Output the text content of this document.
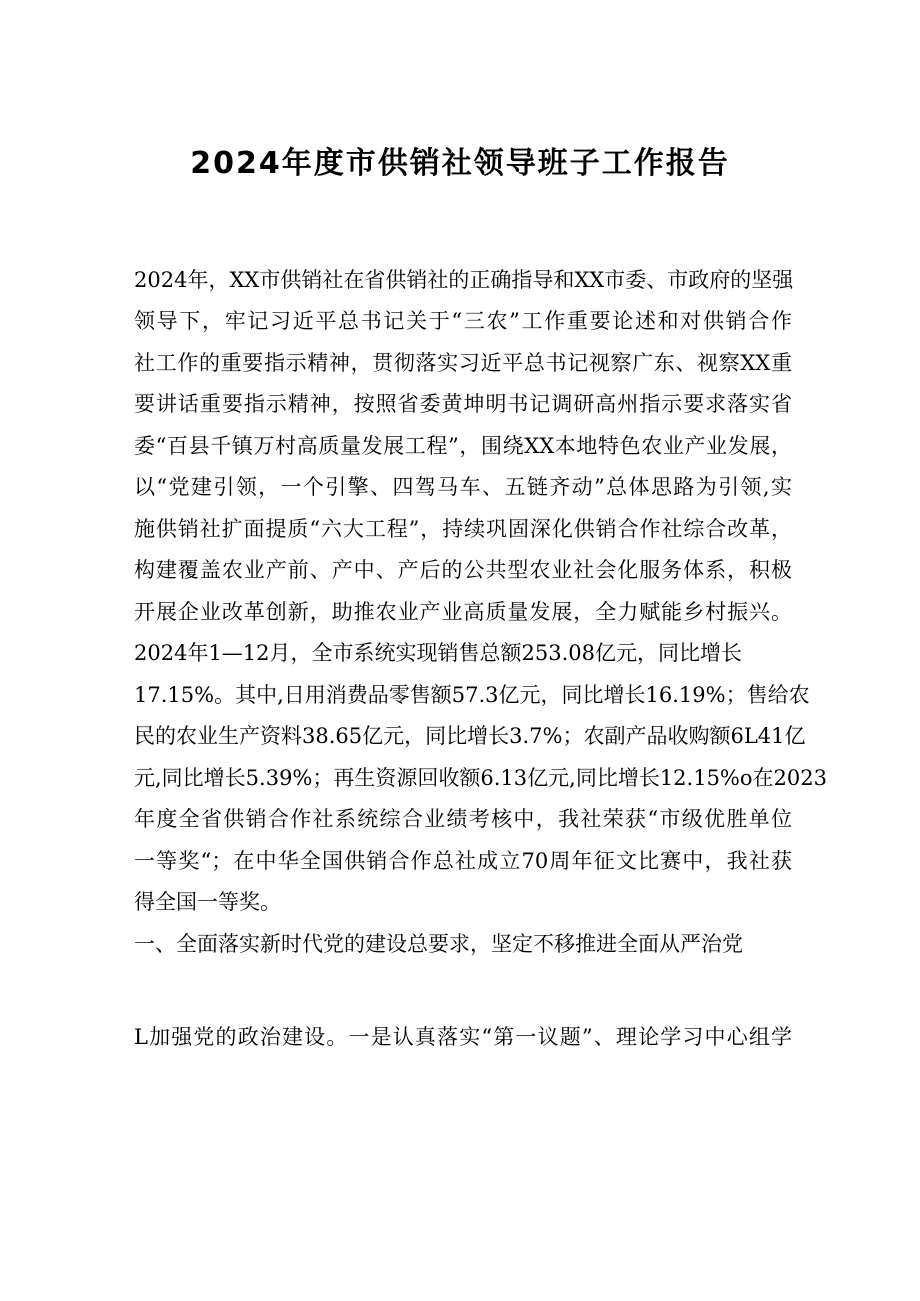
2024年度市供销社领导班子工作报告
2024年，XX市供销社在省供销社的正确指导和XX市委、市政府的坚强
领导下，牢记习近平总书记关于“三农”工作重要论述和对供销合作
社工作的重要指示精神，贯彻落实习近平总书记视察广东、视察XX重
要讲话重要指示精神，按照省委黄坤明书记调研高州指示要求落实省
委“百县千镇万村高质量发展工程”，围绕XX本地特色农业产业发展，
以“党建引领，一个引擎、四驾马车、五链齐动”总体思路为引领,实
施供销社扩面提质“六大工程”，持续巩固深化供销合作社综合改革，
构建覆盖农业产前、产中、产后的公共型农业社会化服务体系，积极
开展企业改革创新，助推农业产业高质量发展，全力赋能乡村振兴。
2024年1—12月，全市系统实现销售总额253.08亿元，同比增长
17.15%。其中,日用消费品零售额57.3亿元，同比增长16.19%；售给农
民的农业生产资料38.65亿元，同比增长3.7%；农副产品收购额6L41亿
元,同比增长5.39%；再生资源回收额6.13亿元,同比增长12.15%o在2023
年度全省供销合作社系统综合业绩考核中，我社荣获“市级优胜单位
一等奖“；在中华全国供销合作总社成立70周年征文比赛中，我社获
得全国一等奖。
一、全面落实新时代党的建设总要求，坚定不移推进全面从严治党
L加强党的政治建设。一是认真落实“第一议题”、理论学习中心组学
